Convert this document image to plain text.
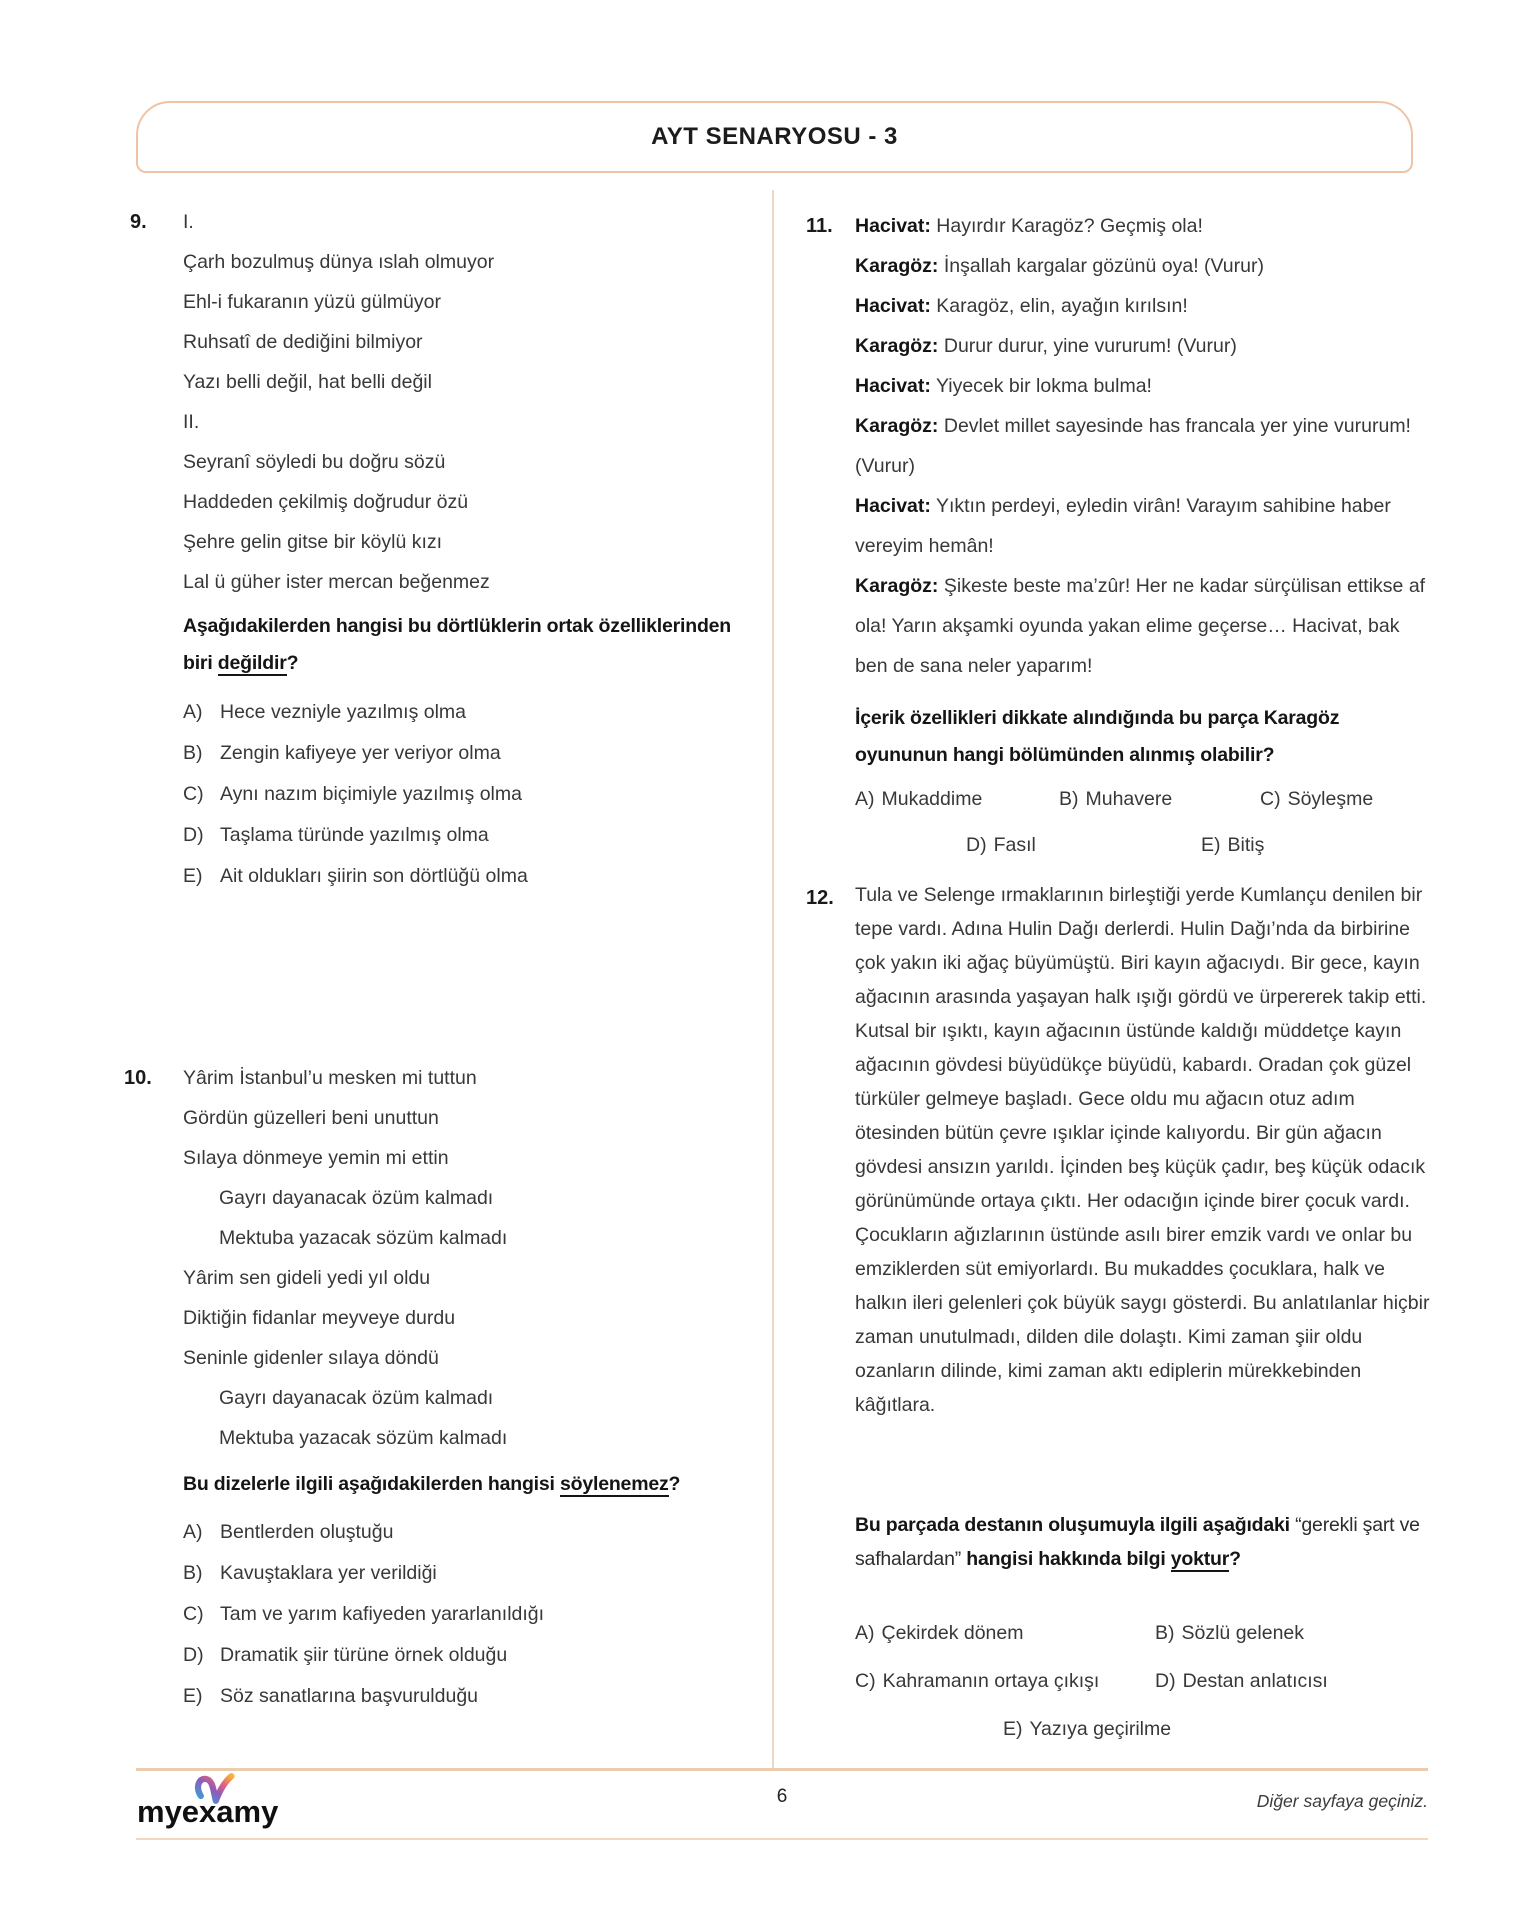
AYT SENARYOSU - 3
9. I.
Çarh bozulmuş dünya ıslah olmuyor
Ehl-i fukaranın yüzü gülmüyor
Ruhsatî de dediğini bilmiyor
Yazı belli değil, hat belli değil
II.
Seyranî söyledi bu doğru sözü
Haddeden çekilmiş doğrudur özü
Şehre gelin gitse bir köylü kızı
Lal ü güher ister mercan beğenmez

Aşağıdakilerden hangisi bu dörtlüklerin ortak özelliklerinden biri değildir?

A) Hece vezniyle yazılmış olma
B) Zengin kafiyeye yer veriyor olma
C) Aynı nazım biçimiyle yazılmış olma
D) Taşlama türünde yazılmış olma
E) Ait oldukları şiirin son dörtlüğü olma
10. Yârim İstanbul’u mesken mi tuttun
Gördün güzelleri beni unuttun
Sılaya dönmeye yemin mi ettin
Gayrı dayanacak özüm kalmadı
Mektuba yazacak sözüm kalmadı
Yârim sen gideli yedi yıl oldu
Diktiğin fidanlar meyveye durdu
Seninle gidenler sılaya döndü
Gayrı dayanacak özüm kalmadı
Mektuba yazacak sözüm kalmadı

Bu dizelerle ilgili aşağıdakilerden hangisi söylenemez?

A) Bentlerden oluştuğu
B) Kavuştaklara yer verildiği
C) Tam ve yarım kafiyeden yararlanıldığı
D) Dramatik şiir türüne örnek olduğu
E) Söz sanatlarına başvurulduğu
11. Hacivat: Hayırdır Karagöz? Geçmiş ola!

Karagöz: İnşallah kargalar gözünü oya! (Vurur)

Hacivat: Karagöz, elin, ayağın kırılsın!

Karagöz: Durur durur, yine vururum! (Vurur)

Hacivat: Yiyecek bir lokma bulma!

Karagöz: Devlet millet sayesinde has francala yer yine vururum! (Vurur)

Hacivat: Yıktın perdeyi, eyledin virân! Varayım sahibine haber vereyim hemân!

Karagöz: Şikeste beste ma’zûr! Her ne kadar sürçülisan ettikse af ola! Yarın akşamki oyunda yakan elime geçerse… Hacivat, bak ben de sana neler yaparım!

İçerik özellikleri dikkate alındığında bu parça Karagöz oyununun hangi bölümünden alınmış olabilir?

A) Mukaddime	B) Muhavere	C) Söyleşme
D) Fasıl	E) Bitiş
12. Tula ve Selenge ırmaklarının birleştiği yerde Kumlançu denilen bir tepe vardı. Adına Hulin Dağı derlerdi. Hulin Dağı’nda da birbirine çok yakın iki ağaç büyümüştü. Biri kayın ağacıydı. Bir gece, kayın ağacının arasında yaşayan halk ışığı gördü ve ürpererek takip etti. Kutsal bir ışıktı, kayın ağacının üstünde kaldığı müddetçe kayın ağacının gövdesi büyüdükçe büyüdü, kabardı. Oradan çok güzel türküler gelmeye başladı. Gece oldu mu ağacın otuz adım ötesinden bütün çevre ışıklar içinde kalıyordu. Bir gün ağacın gövdesi ansızın yarıldı. İçinden beş küçük çadır, beş küçük odacık görünümünde ortaya çıktı. Her odacığın içinde birer çocuk vardı. Çocukların ağızlarının üstünde asılı birer emzik vardı ve onlar bu emziklerden süt emiyorlardı. Bu mukaddes çocuklara, halk ve halkın ileri gelenleri çok büyük saygı gösterdi. Bu anlatılanlar hiçbir zaman unutulmadı, dilden dile dolaştı. Kimi zaman şiir oldu ozanların dilinde, kimi zaman aktı ediplerin mürekkebinden kâğıtlara.

Bu parçada destanın oluşumuyla ilgili aşağıdaki “gerekli şart ve safhalardan” hangisi hakkında bilgi yoktur?

A) Çekirdek dönem	B) Sözlü gelenek
C) Kahramanın ortaya çıkışı	D) Destan anlatıcısı
E) Yazıya geçirilme
myexamy	6	Diğer sayfaya geçiniz.
